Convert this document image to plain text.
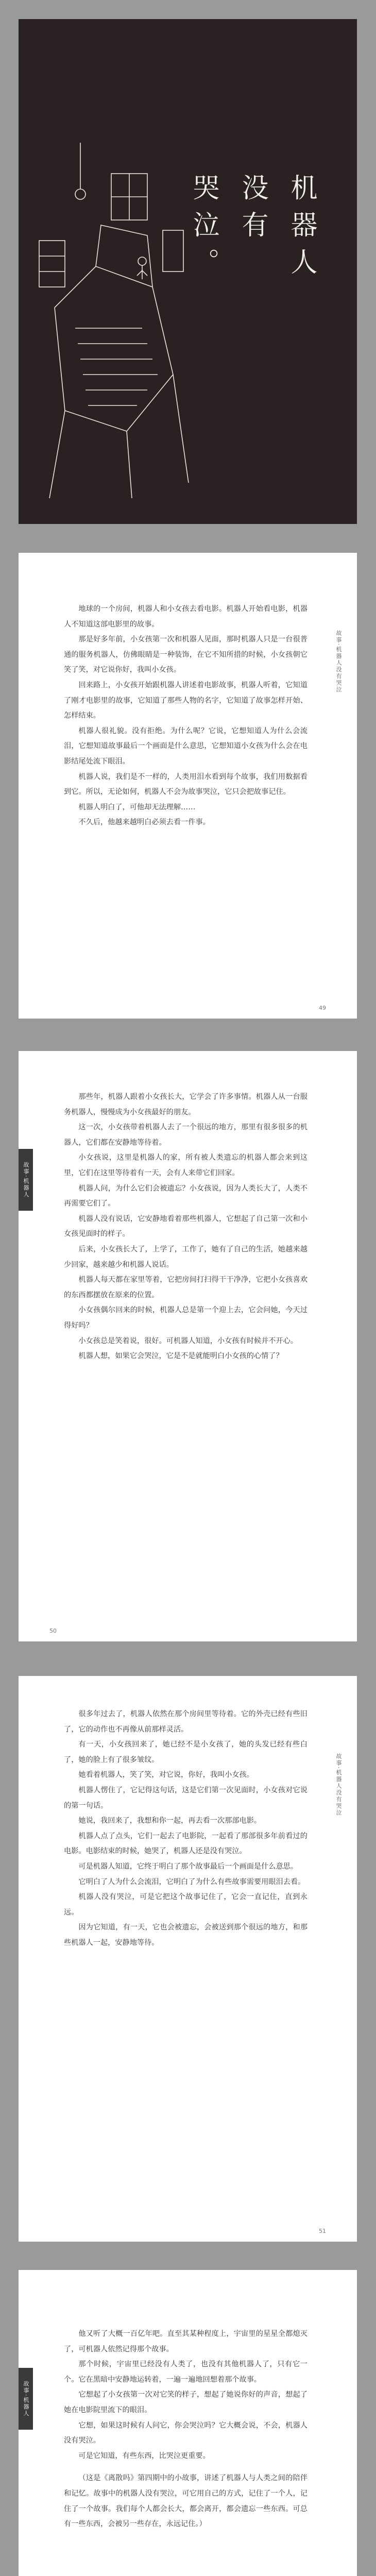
机器人
没有
哭泣。
故事·机器人没有哭泣

地球的一个房间，机器人和小女孩去看电影。机器人开始看电影，机器人不知道这部电影里的故事。

那是好多年前，小女孩第一次和机器人见面，那时机器人只是一台很普通的服务机器人，仿佛眼睛是一种装饰，在它不知所措的时候，小女孩朝它笑了笑，对它说你好，我叫小女孩。

回来路上，小女孩开始跟机器人讲述着电影故事，机器人听着，它知道了刚才电影里的故事，它知道了那些人物的名字，它知道了故事怎样开始、怎样结束。

机器人很礼貌。没有拒绝。为什么呢？它说，它想知道人为什么会流泪，它想知道故事最后一个画面是什么意思，它想知道小女孩为什么会在电影结尾处流下眼泪。

机器人说，我们是不一样的，人类用泪水看到每个故事，我们用数据看到它。所以，无论如何，机器人不会为故事哭泣，它只会把故事记住。

机器人明白了，可他却无法理解……

不久后，他越来越明白必须去看一件事。

49
故事·机器人

那些年，机器人跟着小女孩长大，它学会了许多事情。机器人从一台服务机器人，慢慢成为小女孩最好的朋友。

这一次，小女孩带着机器人去了一个很远的地方，那里有很多很多的机器人，它们都在安静地等待着。

小女孩说，这里是机器人的家，所有被人类遗忘的机器人都会来到这里，它们在这里等待着有一天，会有人来带它们回家。

机器人问，为什么它们会被遗忘？小女孩说，因为人类长大了，人类不再需要它们了。

机器人没有说话，它安静地看着那些机器人，它想起了自己第一次和小女孩见面时的样子。

后来，小女孩长大了，上学了，工作了，她有了自己的生活，她越来越少回家，越来越少和机器人说话。

机器人每天都在家里等着，它把房间打扫得干干净净，它把小女孩喜欢的东西都摆放在原来的位置。

小女孩偶尔回来的时候，机器人总是第一个迎上去，它会问她，今天过得好吗？

小女孩总是笑着说，很好。可机器人知道，小女孩有时候并不开心。

机器人想，如果它会哭泣，它是不是就能明白小女孩的心情了？

50
故事·机器人没有哭泣

很多年过去了，机器人依然在那个房间里等待着。它的外壳已经有些旧了，它的动作也不再像从前那样灵活。

有一天，小女孩回来了，她已经不是小女孩了，她的头发已经有些白了，她的脸上有了很多皱纹。

她看着机器人，笑了笑，对它说，你好，我叫小女孩。

机器人愣住了，它记得这句话，这是它们第一次见面时，小女孩对它说的第一句话。

她说，我回来了，我想和你一起，再去看一次那部电影。

机器人点了点头，它们一起去了电影院，一起看了那部很多年前看过的电影。电影结束的时候，她哭了，机器人还是没有哭泣。

可是机器人知道，它终于明白了那个故事最后一个画面是什么意思。

它明白了人为什么会流泪，它明白了为什么有些故事需要用眼泪去看。

机器人没有哭泣，可是它把这个故事记住了，它会一直记住，直到永远。

因为它知道，有一天，它也会被遗忘，会被送到那个很远的地方，和那些机器人一起，安静地等待。

51
故事·机器人

他又听了大概一百亿年吧。直至其某种程度上，宇宙里的星星全都熄灭了，可机器人依然记得那个故事。

那个时候，宇宙里已经没有人类了，也没有其他机器人了，只有它一个。它在黑暗中安静地运转着，一遍一遍地回想着那个故事。

它想起了小女孩第一次对它笑的样子，想起了她说你好的声音，想起了她在电影院里流下的眼泪。

它想，如果这时候有人问它，你会哭泣吗？它大概会说，不会，机器人没有哭泣。

可是它知道，有些东西，比哭泣更重要。

（这是《离散吗》第四期中的小故事，讲述了机器人与人类之间的陪伴和记忆。故事中的机器人没有哭泣，可它用自己的方式，记住了一个人，记住了一个故事。我们每个人都会长大，都会离开，都会遗忘一些东西。可总有一些东西，会被另一些存在，永远记住。）
